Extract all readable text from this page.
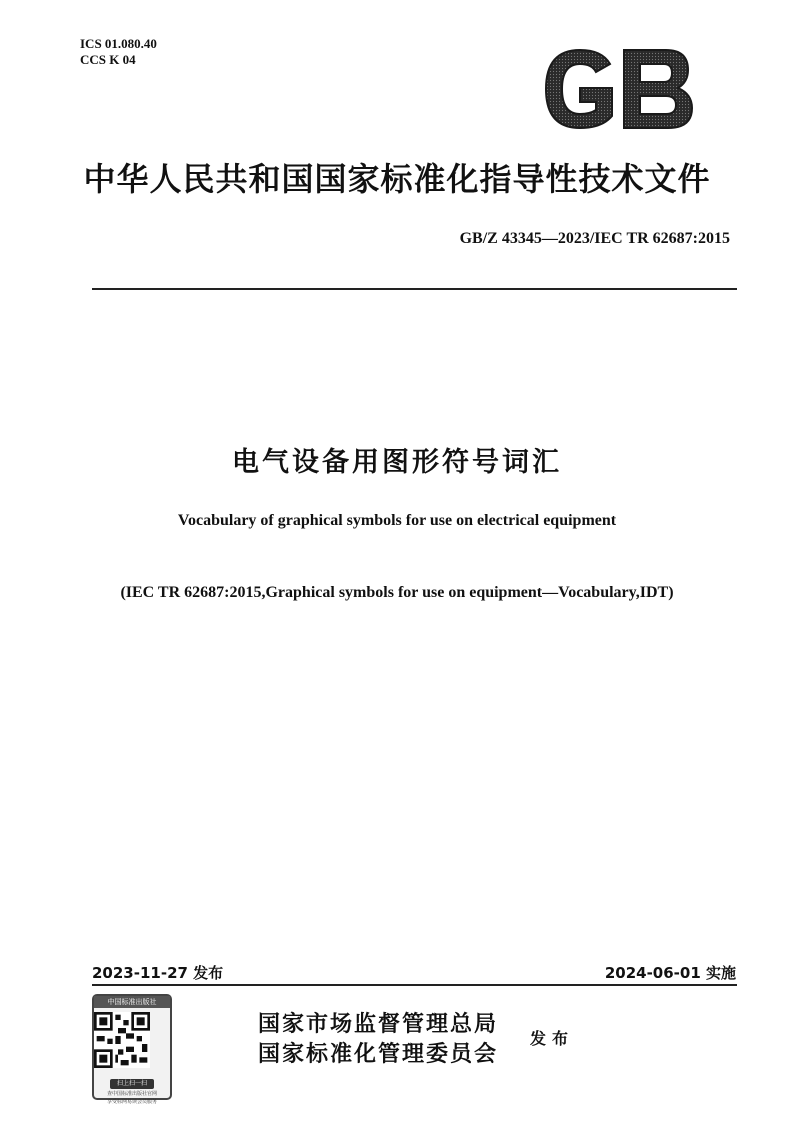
ICS 01.080.40
CCS K 04
中华人民共和国国家标准化指导性技术文件
GB/Z 43345—2023/IEC TR 62687:2015
电气设备用图形符号词汇
Vocabulary of graphical symbols for use on electrical equipment
(IEC TR 62687:2015,Graphical symbols for use on equipment—Vocabulary,IDT)
2023-11-27 发布	2024-06-01 实施
中国标准出版社
扫上扫一扫
查中国标准出版社官网
享受标网易读会员服务
国家市场监督管理总局
国家标准化管理委员会
发布
